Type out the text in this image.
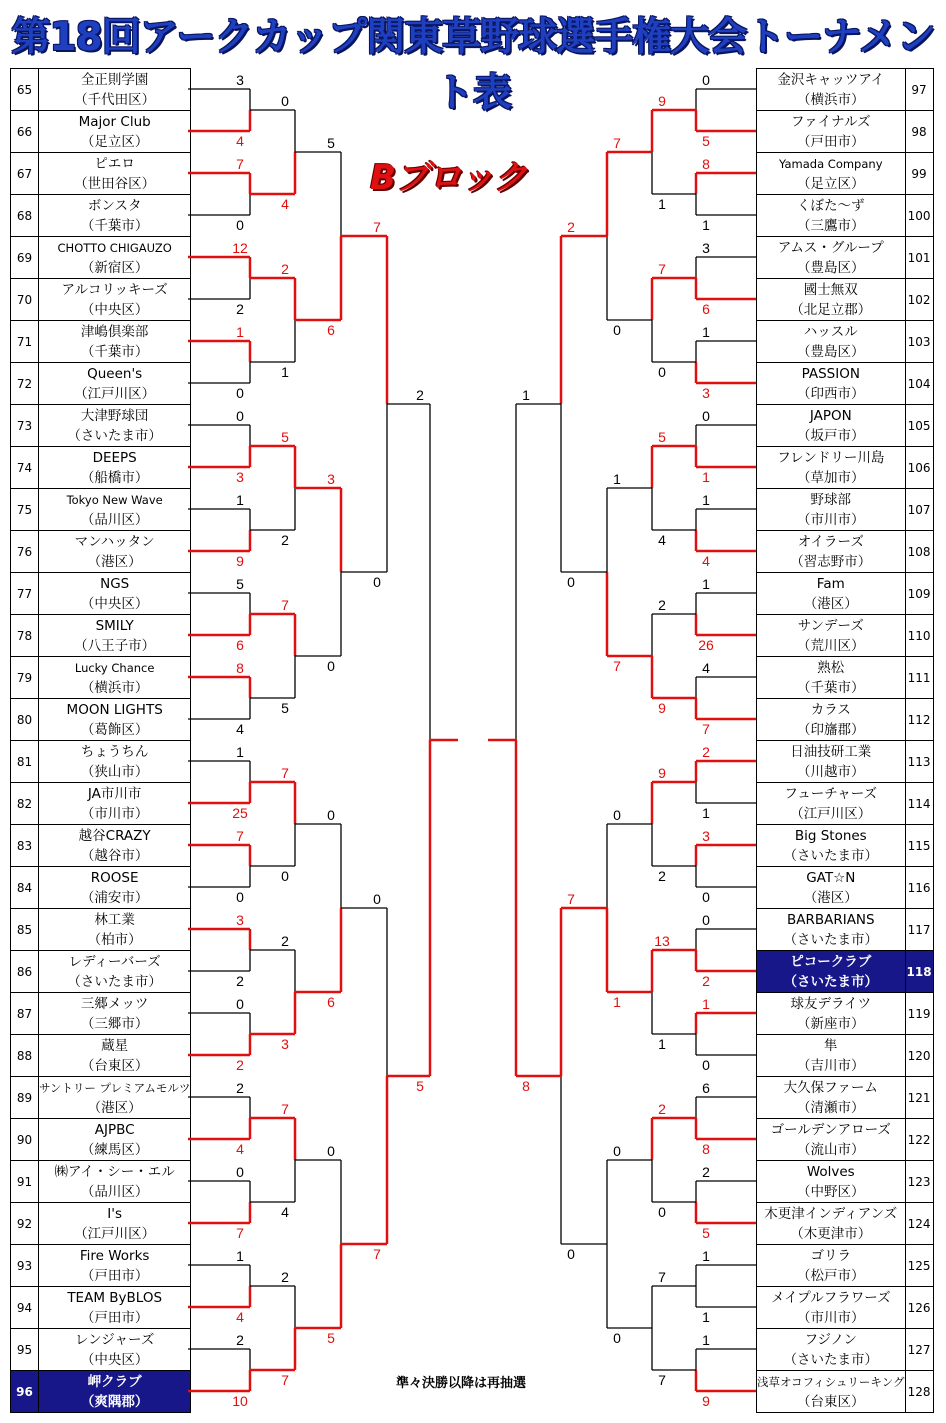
第18回アークカップ関東草野球選手権大会トーナメント表
Bブロック
準々決勝以降は再抽選
65	全正則学園
（千代田区）

66	Major Club
（足立区）

67	ピエロ
（世田谷区）

68	ボンスタ
（千葉市）

69	CHOTTO CHIGAUZO
（新宿区）

70	アルコリッキーズ
（中央区）

71	津嶋倶楽部
（千葉市）

72	Queen's
（江戸川区）

73	大津野球団
（さいたま市）

74	DEEPS
（船橋市）

75	Tokyo New Wave
（品川区）

76	マンハッタン
（港区）

77	NGS
（中央区）

78	SMILY
（八王子市）

79	Lucky Chance
（横浜市）

80	MOON LIGHTS
（葛飾区）

81	ちょうちん
（狭山市）

82	JA市川市
（市川市）

83	越谷CRAZY
（越谷市）

84	ROOSE
（浦安市）

85	林工業
（柏市）

86	レディーバーズ
（さいたま市）

87	三郷メッツ
（三郷市）

88	蔵星
（台東区）

89	サントリー プレミアムモルツ
（港区）

90	AJPBC
（練馬区）

91	㈱アイ・シー・エル
（品川区）

92	I's
（江戸川区）

93	Fire Works
（戸田市）

94	TEAM ByBLOS
（戸田市）

95	レンジャーズ
（中央区）

96	岬クラブ
（爽隅郡）
金沢キャッツアイ
（横浜市）	97

ファイナルズ
（戸田市）	98

Yamada Company
（足立区）	99

くぼた～ず
（三鷹市）	100

アムス・グループ
（豊島区）	101

國士無双
（北足立郡）	102

ハッスル
（豊島区）	103

PASSION
（印西市）	104

JAPON
（坂戸市）	105

フレンドリー川島
（草加市）	106

野球部
（市川市）	107

オイラーズ
（習志野市）	108

Fam
（港区）	109

サンデーズ
（荒川区）	110

熟松
（千葉市）	111

カラス
（印旛郡）	112

日油技研工業
（川越市）	113

フューチャーズ
（江戸川区）	114

Big Stones
（さいたま市）	115

GAT☆N
（港区）	116

BARBARIANS
（さいたま市）	117

ピコークラブ
（さいたま市）	118

球友デライツ
（新座市）	119

隼
（吉川市）	120

大久保ファーム
（清瀬市）	121

ゴールデンアローズ
（流山市）	122

Wolves
（中野区）	123

木更津インディアンズ
（木更津市）	124

ゴリラ
（松戸市）	125

メイプルフラワーズ
（市川市）	126

フジノン
（さいたま市）	127

浅草オコフィシュリーキング
（台東区）	128
3
4
7
0
12
2
1
0
0
3
1
9
5
6
8
4
1
25
7
0
3
2
0
2
2
4
0
7
1
4
2
10
0
4
2
1
5
2
7
5
7
0
2
3
7
4
2
7
5
6
3
0
0
6
0
5
7
0
0
7
2
5
0
5
8
1
3
6
1
3
0
1
1
4
1
26
4
7
2
1
3
0
0
2
1
0
6
8
2
5
1
1
1
9
9
1
7
0
5
4
2
9
9
2
13
1
2
0
7
7
7
0
1
7
0
1
0
0
2
0
7
0
1
8
